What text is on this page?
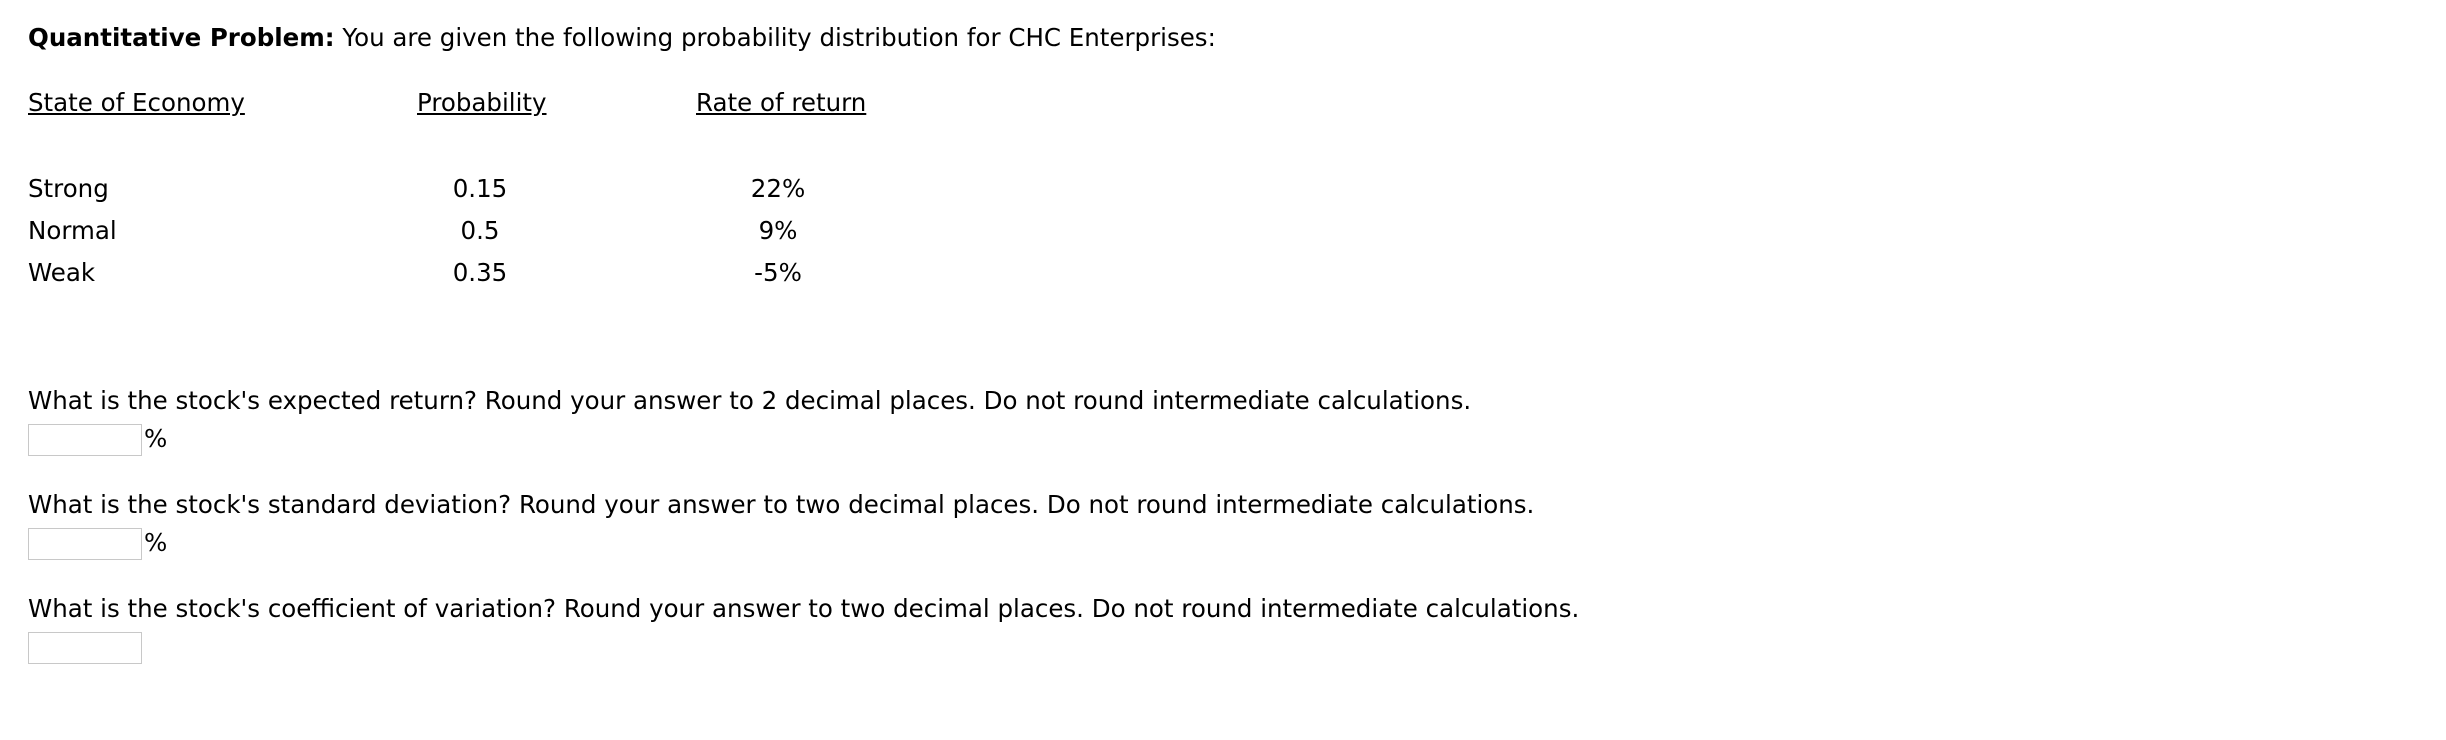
Quantitative Problem: You are given the following probability distribution for CHC Enterprises:
State of Economy	Probability	Rate of return
Strong	0.15	22%
Normal	0.5	9%
Weak	0.35	-5%
What is the stock's expected return? Round your answer to 2 decimal places. Do not round intermediate calculations.
%
What is the stock's standard deviation? Round your answer to two decimal places. Do not round intermediate calculations.
%
What is the stock's coefficient of variation? Round your answer to two decimal places. Do not round intermediate calculations.
